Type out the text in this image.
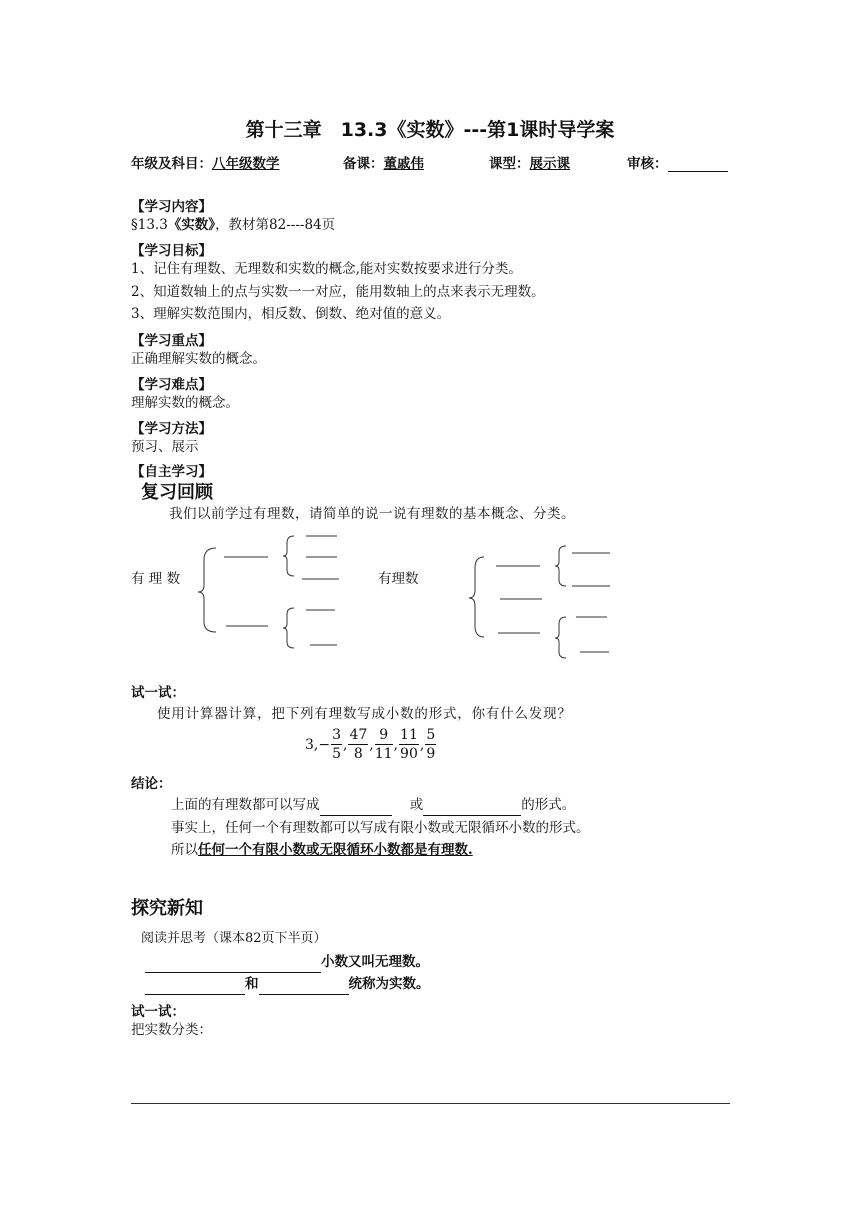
第十三章　13.3《实数》---第1课时导学案
年级及科目：八年级数学	备课：董戚伟	课型：展示课	审核：
【学习内容】
§13.3《实数》，教材第82----84页
【学习目标】
1、记住有理数、无理数和实数的概念,能对实数按要求进行分类。
2、知道数轴上的点与实数一一对应，能用数轴上的点来表示无理数。
3、理解实数范围内，相反数、倒数、绝对值的意义。
【学习重点】
正确理解实数的概念。
【学习难点】
理解实数的概念。
【学习方法】
预习、展示
【自主学习】
复习回顾
我们以前学过有理数，请简单的说一说有理数的基本概念、分类。
有 理 数	有理数
试一试：
使用计算器计算，把下列有理数写成小数的形式，你有什么发现？
3, − $\frac{3}{5}$ , $\frac{47}{8}$ , $\frac{9}{11}$ , $\frac{11}{90}$ , $\frac{5}{9}$
结论：
上面的有理数都可以写成	或	的形式。
事实上，任何一个有理数都可以写成有限小数或无限循环小数的形式。
所以任何一个有限小数或无限循环小数都是有理数.
探究新知
阅读并思考（课本82页下半页）
小数又叫无理数。
和	统称为实数。
试一试：
把实数分类：
